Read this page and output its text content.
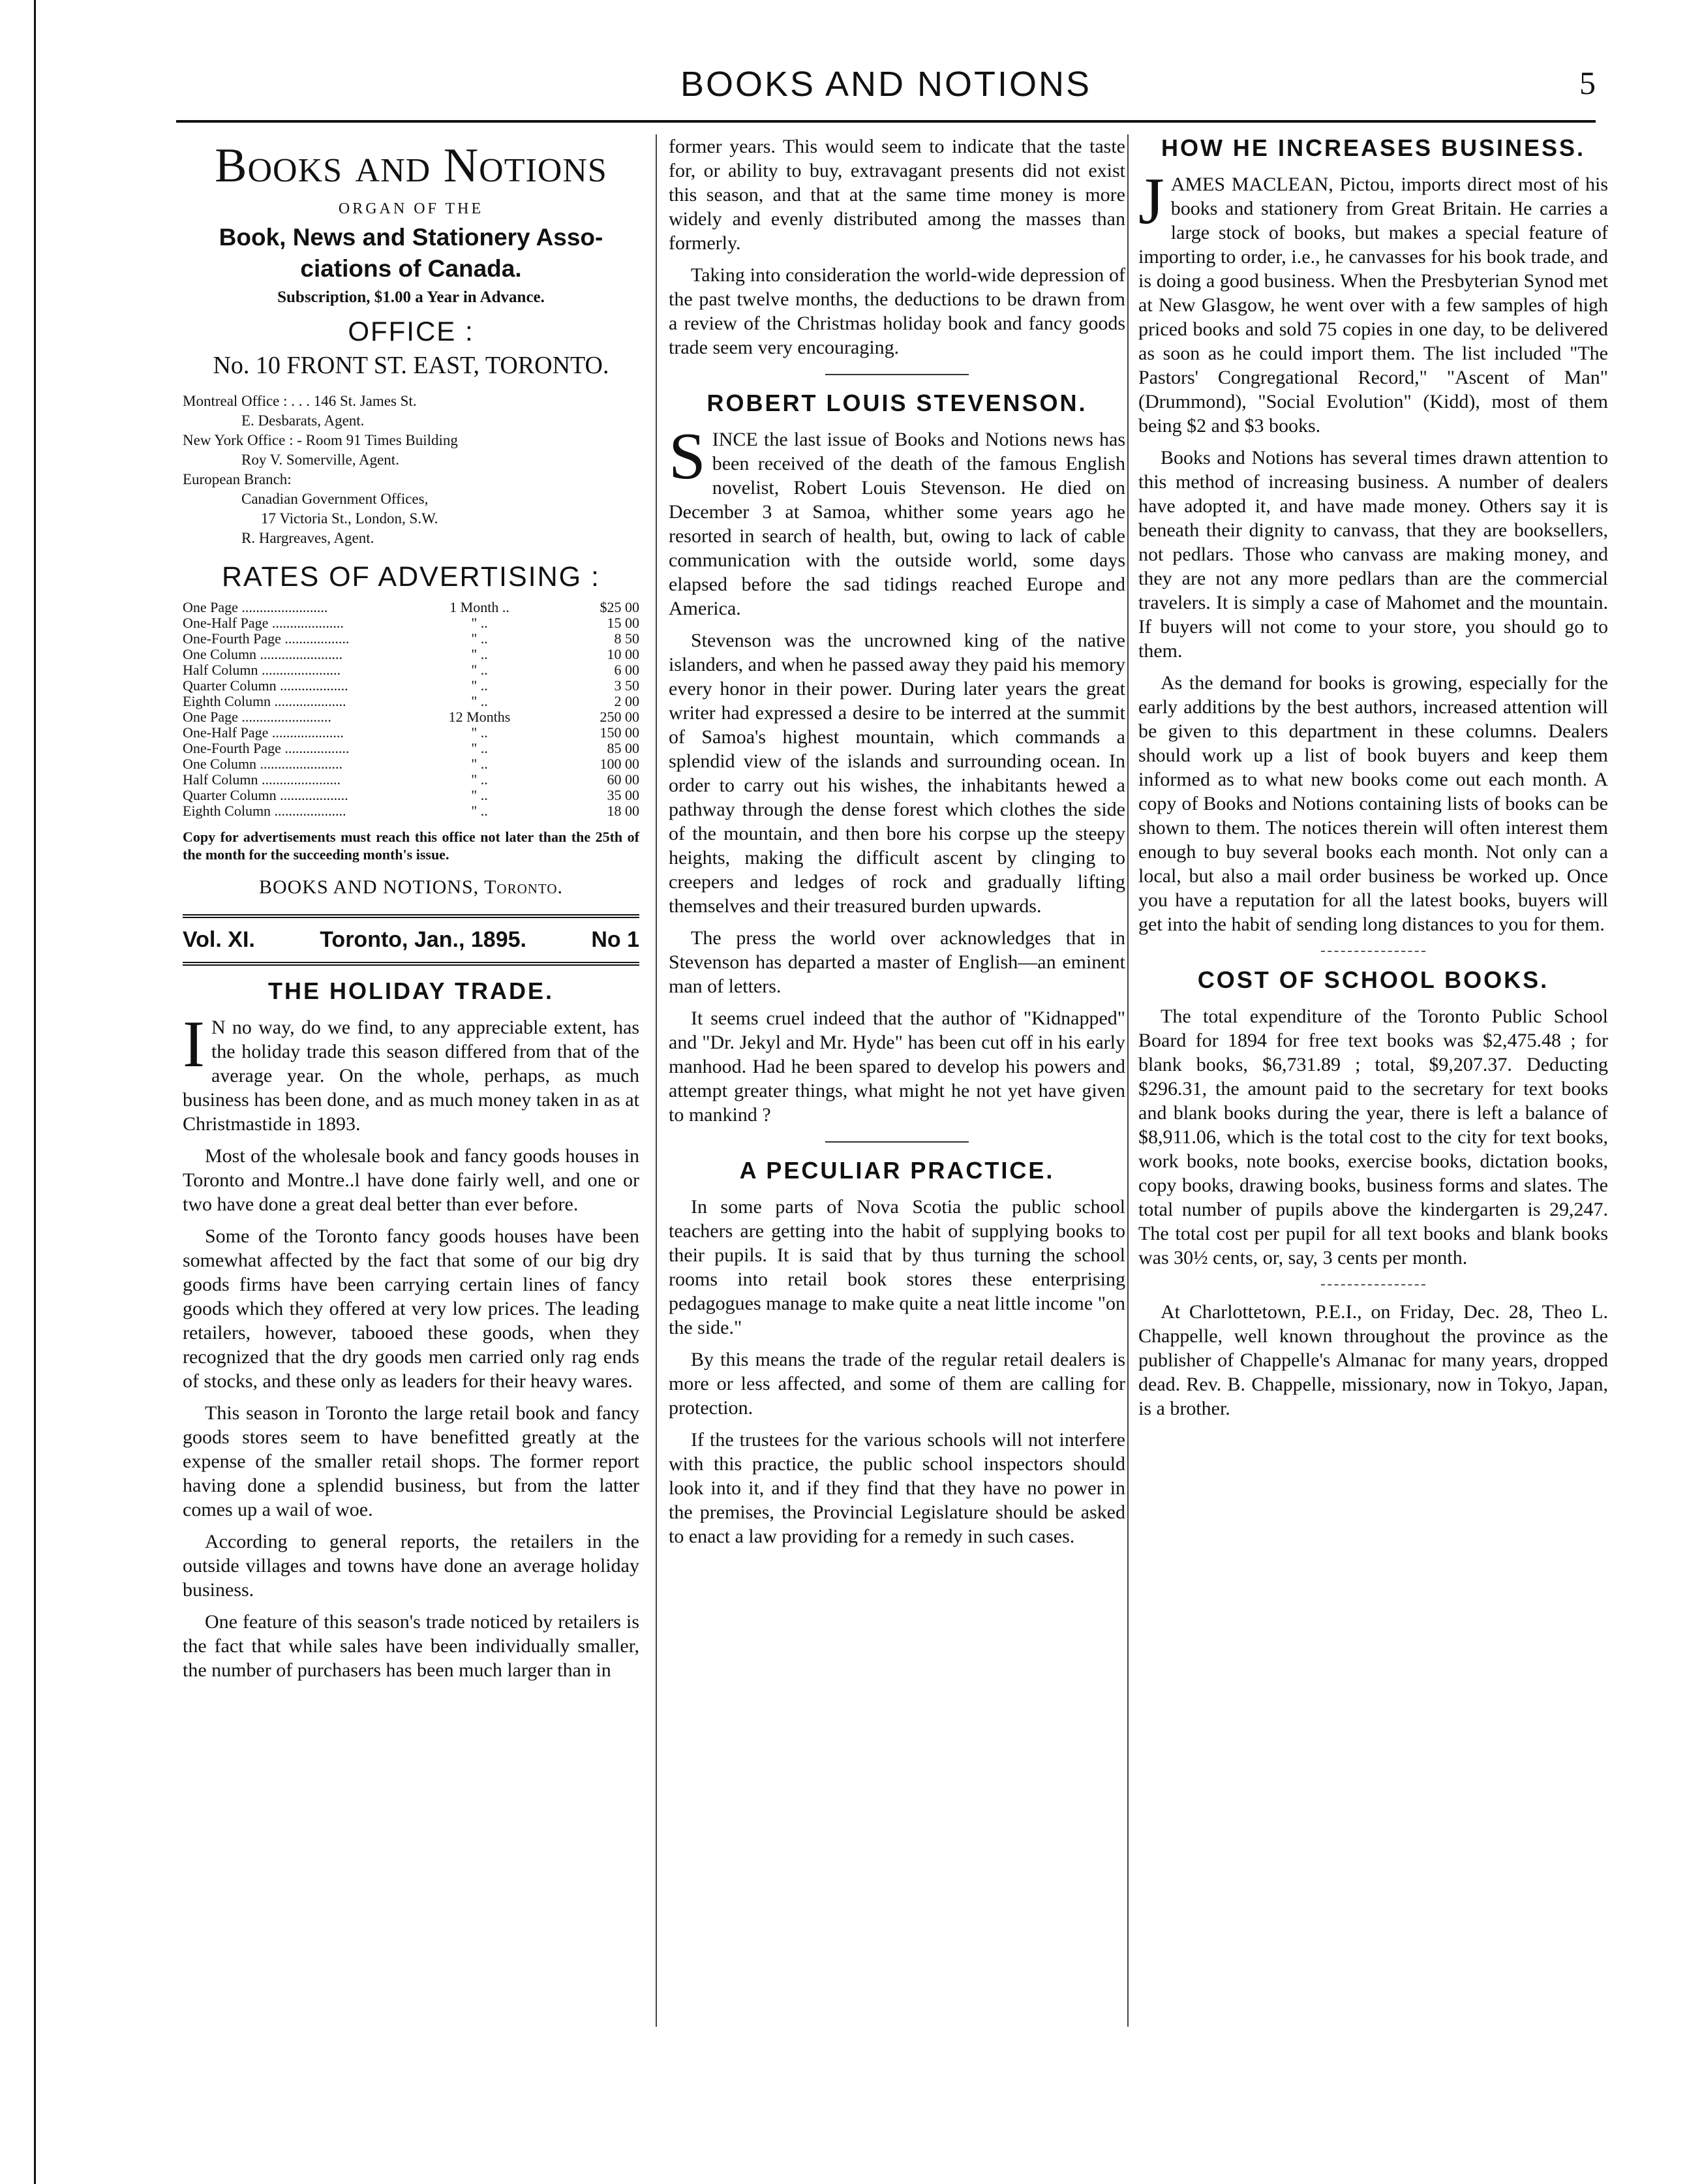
BOOKS AND NOTIONS	5
Books and Notions
ORGAN OF THE
Book, News and Stationery Asso-
ciations of Canada.
Subscription, $1.00 a Year in Advance.
OFFICE :
No. 10 FRONT ST. EAST, TORONTO.
Montreal Office : . . . 146 St. James St.
E. Desbarats, Agent.
New York Office : - Room 91 Times Building
Roy V. Somerville, Agent.
European Branch:
Canadian Government Offices,
17 Victoria St., London, S.W.
R. Hargreaves, Agent.
RATES OF ADVERTISING :
One Page ........................	1 Month ..	$25 00
One-Half Page ....................	" ..	15 00
One-Fourth Page ..................	" ..	8 50
One Column .......................	" ..	10 00
Half Column ......................	" ..	6 00
Quarter Column ...................	" ..	3 50
Eighth Column ....................	" ..	2 00
One Page .........................	12 Months	250 00
One-Half Page ....................	" ..	150 00
One-Fourth Page ..................	" ..	85 00
One Column .......................	" ..	100 00
Half Column ......................	" ..	60 00
Quarter Column ...................	" ..	35 00
Eighth Column ....................	" ..	18 00
Copy for advertisements must reach this office not later than the 25th of the month for the succeeding month's issue.
BOOKS AND NOTIONS, Toronto.
Vol. XI.	Toronto, Jan., 1895.	No 1
THE HOLIDAY TRADE.

I N no way, do we find, to any appreciable extent, has the holiday trade this season differed from that of the average year. On the whole, perhaps, as much business has been done, and as much money taken in as at Christmastide in 1893.

Most of the wholesale book and fancy goods houses in Toronto and Montre..l have done fairly well, and one or two have done a great deal better than ever before.

Some of the Toronto fancy goods houses have been somewhat affected by the fact that some of our big dry goods firms have been carrying certain lines of fancy goods which they offered at very low prices. The leading retailers, however, tabooed these goods, when they recognized that the dry goods men carried only rag ends of stocks, and these only as leaders for their heavy wares.

This season in Toronto the large retail book and fancy goods stores seem to have benefitted greatly at the expense of the smaller retail shops. The former report having done a splendid business, but from the latter comes up a wail of woe.

According to general reports, the retailers in the outside villages and towns have done an average holiday business.

One feature of this season's trade noticed by retailers is the fact that while sales have been individually smaller, the number of purchasers has been much larger than in

former years. This would seem to indicate that the taste for, or ability to buy, extravagant presents did not exist this season, and that at the same time money is more widely and evenly distributed among the masses than formerly.

Taking into consideration the world-wide depression of the past twelve months, the deductions to be drawn from a review of the Christmas holiday book and fancy goods trade seem very encouraging.

ROBERT LOUIS STEVENSON.

SINCE the last issue of Books and Notions news has been received of the death of the famous English novelist, Robert Louis Stevenson. He died on December 3 at Samoa, whither some years ago he resorted in search of health, but, owing to lack of cable communication with the outside world, some days elapsed before the sad tidings reached Europe and America.

Stevenson was the uncrowned king of the native islanders, and when he passed away they paid his memory every honor in their power. During later years the great writer had expressed a desire to be interred at the summit of Samoa's highest mountain, which commands a splendid view of the islands and surrounding ocean. In order to carry out his wishes, the inhabitants hewed a pathway through the dense forest which clothes the side of the mountain, and then bore his corpse up the steepy heights, making the difficult ascent by clinging to creepers and ledges of rock and gradually lifting themselves and their treasured burden upwards.

The press the world over acknowledges that in Stevenson has departed a master of English—an eminent man of letters.

It seems cruel indeed that the author of "Kidnapped" and "Dr. Jekyl and Mr. Hyde" has been cut off in his early manhood. Had he been spared to develop his powers and attempt greater things, what might he not yet have given to mankind ?

A PECULIAR PRACTICE.

In some parts of Nova Scotia the public school teachers are getting into the habit of supplying books to their pupils. It is said that by thus turning the school rooms into retail book stores these enterprising pedagogues manage to make quite a neat little income "on the side."

By this means the trade of the regular retail dealers is more or less affected, and some of them are calling for protection.

If the trustees for the various schools will not interfere with this practice, the public school inspectors should look into it, and if they find that they have no power in the premises, the Provincial Legislature should be asked to enact a law providing for a remedy in such cases.

HOW HE INCREASES BUSINESS.

JAMES MACLEAN, Pictou, imports direct most of his books and stationery from Great Britain. He carries a large stock of books, but makes a special feature of importing to order, i.e., he canvasses for his book trade, and is doing a good business. When the Presbyterian Synod met at New Glasgow, he went over with a few samples of high priced books and sold 75 copies in one day, to be delivered as soon as he could import them. The list included "The Pastors' Congregational Record," "Ascent of Man" (Drummond), "Social Evolution" (Kidd), most of them being $2 and $3 books.

Books and Notions has several times drawn attention to this method of increasing business. A number of dealers have adopted it, and have made money. Others say it is beneath their dignity to canvass, that they are booksellers, not pedlars. Those who canvass are making money, and they are not any more pedlars than are the commercial travelers. It is simply a case of Mahomet and the mountain. If buyers will not come to your store, you should go to them.

As the demand for books is growing, especially for the early additions by the best authors, increased attention will be given to this department in these columns. Dealers should work up a list of book buyers and keep them informed as to what new books come out each month. A copy of Books and Notions containing lists of books can be shown to them. The notices therein will often interest them enough to buy several books each month. Not only can a local, but also a mail order business be worked up. Once you have a reputation for all the latest books, buyers will get into the habit of sending long distances to you for them.

COST OF SCHOOL BOOKS.

The total expenditure of the Toronto Public School Board for 1894 for free text books was $2,475.48 ; for blank books, $6,731.89 ; total, $9,207.37. Deducting $296.31, the amount paid to the secretary for text books and blank books during the year, there is left a balance of $8,911.06, which is the total cost to the city for text books, work books, note books, exercise books, dictation books, copy books, drawing books, business forms and slates. The total number of pupils above the kindergarten is 29,247. The total cost per pupil for all text books and blank books was 30½ cents, or, say, 3 cents per month.

At Charlottetown, P.E.I., on Friday, Dec. 28, Theo L. Chappelle, well known throughout the province as the publisher of Chappelle's Almanac for many years, dropped dead. Rev. B. Chappelle, missionary, now in Tokyo, Japan, is a brother.
